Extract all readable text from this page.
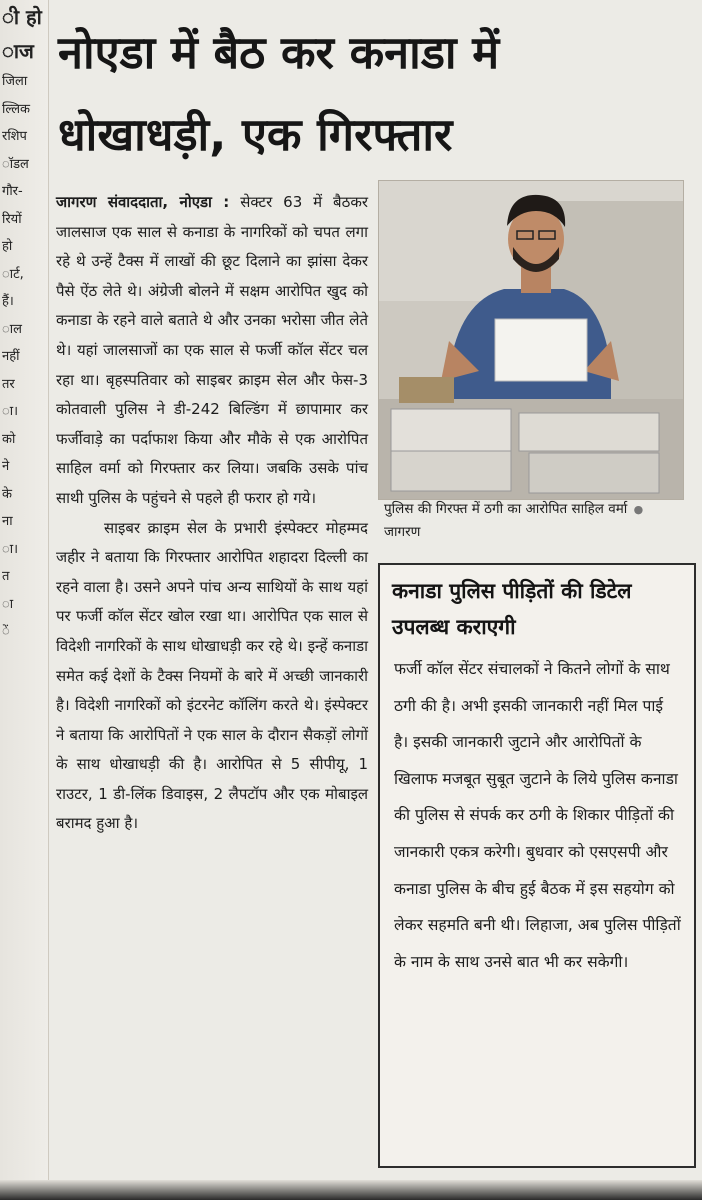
ी हो
ाज
जिला
ल्लिक
रशिप
ॉडल
गौर-
रियों
हो
ार्ट,
हैं।
ाल
नहीं
तर
ा।
को
ने
के
ना
ा।
त
ा
ें
नोएडा में बैठ कर कनाडा में
धोखाधड़ी, एक गिरफ्तार

जागरण संवाददाता, नोएडा : सेक्टर 63 में बैठकर जालसाज एक साल से कनाडा के नागरिकों को चपत लगा रहे थे उन्हें टैक्स में लाखों की छूट दिलाने का झांसा देकर पैसे ऐंठ लेते थे। अंग्रेजी बोलने में सक्षम आरोपित खुद को कनाडा के रहने वाले बताते थे और उनका भरोसा जीत लेते थे। यहां जालसाजों का एक साल से फर्जी कॉल सेंटर चल रहा था। बृहस्पतिवार को साइबर क्राइम सेल और फेस-3 कोतवाली पुलिस ने डी-242 बिल्डिंग में छापामार कर फर्जीवाड़े का पर्दाफाश किया और मौके से एक आरोपित साहिल वर्मा को गिरफ्तार कर लिया। जबकि उसके पांच साथी पुलिस के पहुंचने से पहले ही फरार हो गये।

साइबर क्राइम सेल के प्रभारी इंस्पेक्टर मोहम्मद जहीर ने बताया कि गिरफ्तार आरोपित शहादरा दिल्ली का रहने वाला है। उसने अपने पांच अन्य साथियों के साथ यहां पर फर्जी कॉल सेंटर खोल रखा था। आरोपित एक साल से विदेशी नागरिकों के साथ धोखाधड़ी कर रहे थे। इन्हें कनाडा समेत कई देशों के टैक्स नियमों के बारे में अच्छी जानकारी है। विदेशी नागरिकों को इंटरनेट कॉलिंग करते थे। इंस्पेक्टर ने बताया कि आरोपितों ने एक साल के दौरान सैकड़ों लोगों के साथ धोखाधड़ी की है। आरोपित से 5 सीपीयू, 1 राउटर, 1 डी-लिंक डिवाइस, 2 लैपटॉप और एक मोबाइल बरामद हुआ है।

पुलिस की गिरफ्त में ठगी का आरोपित साहिल वर्मा ● जागरण
कनाडा पुलिस पीड़ितों की डिटेल उपलब्ध कराएगी

फर्जी कॉल सेंटर संचालकों ने कितने लोगों के साथ ठगी की है। अभी इसकी जानकारी नहीं मिल पाई है। इसकी जानकारी जुटाने और आरोपितों के खिलाफ मजबूत सुबूत जुटाने के लिये पुलिस कनाडा की पुलिस से संपर्क कर ठगी के शिकार पीड़ितों की जानकारी एकत्र करेगी। बुधवार को एसएसपी और कनाडा पुलिस के बीच हुई बैठक में इस सहयोग को लेकर सहमति बनी थी। लिहाजा, अब पुलिस पीड़ितों के नाम के साथ उनसे बात भी कर सकेगी।
